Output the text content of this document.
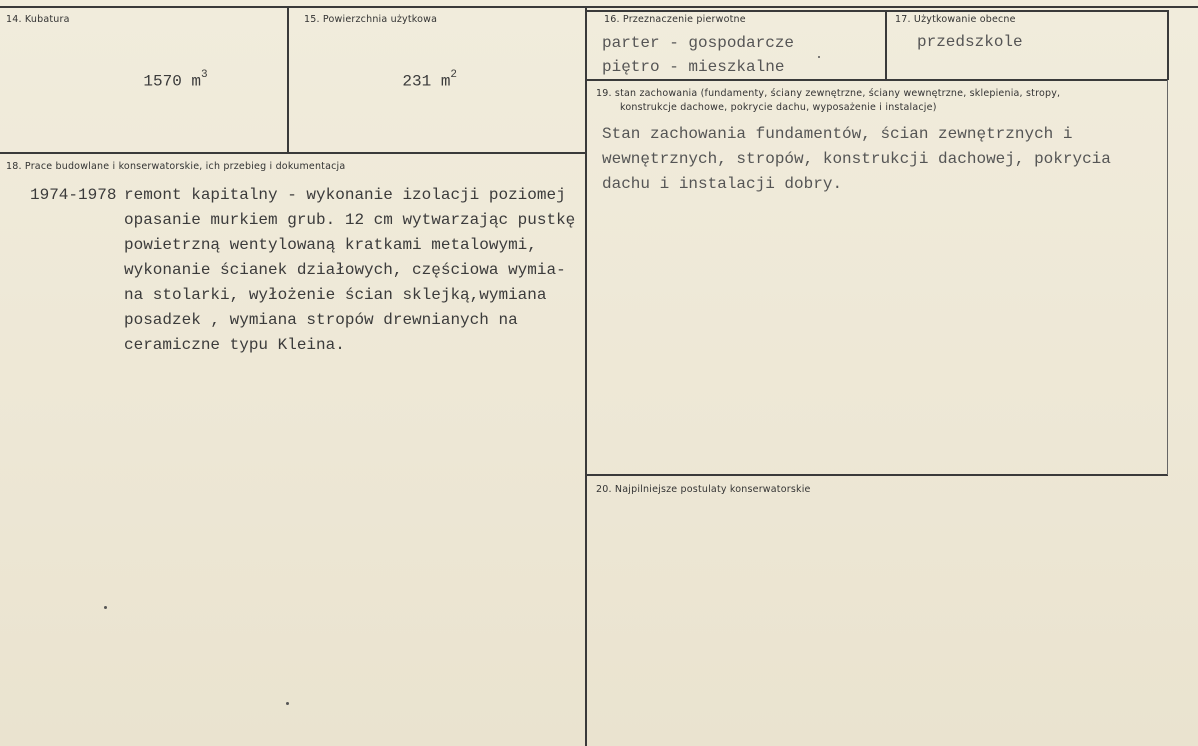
14. Kubatura

1570 $m^3$

15. Powierzchnia użytkowa

231 $m^2$

16. Przeznaczenie pierwotne
parter - gospodarcze
piętro - mieszkalne
17. Użytkowanie obecne
przedszkole
18. Prace budowlane i konserwatorskie, ich przebieg i dokumentacja
1974-1978 remont kapitalny - wykonanie izolacji poziomej
opasanie murkiem grub. 12 cm wytwarzając pustkę
powietrzną wentylowaną kratkami metalowymi,
wykonanie ścianek działowych, częściowa wymia-
na stolarki, wyłożenie ścian sklejką,wymiana
posadzek , wymiana stropów drewnianych na
ceramiczne typu Kleina.
19. stan zachowania (fundamenty, ściany zewnętrzne, ściany wewnętrzne, sklepienia, stropy,
konstrukcje dachowe, pokrycie dachu, wyposażenie i instalacje)
Stan zachowania fundamentów, ścian zewnętrznych i
wewnętrznych, stropów, konstrukcji dachowej, pokrycia
dachu i instalacji dobry.
20. Najpilniejsze postulaty konserwatorskie
